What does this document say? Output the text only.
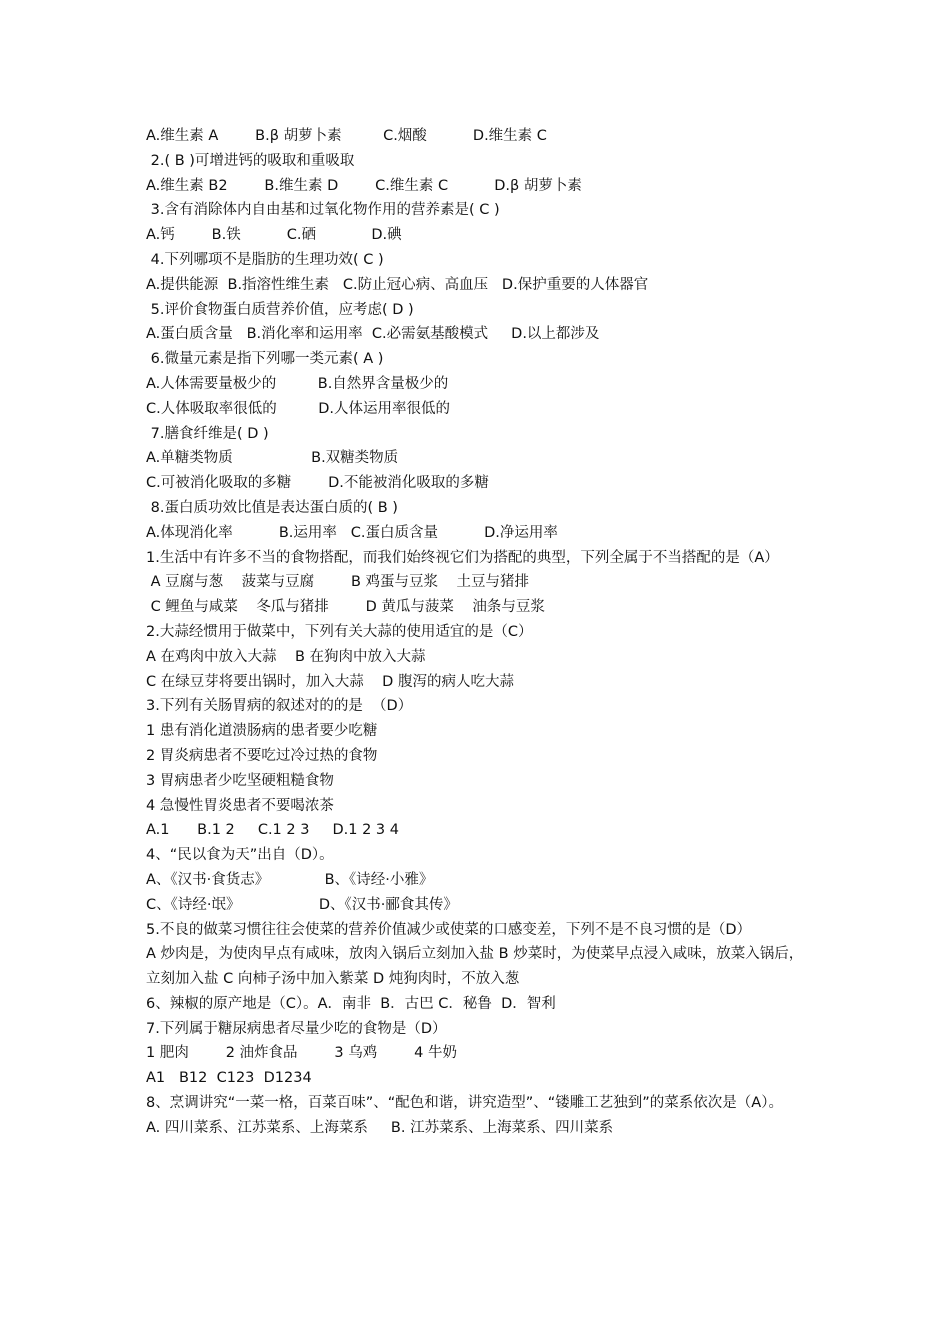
A.维生素 A        B.β 胡萝卜素         C.烟酸          D.维生素 C
2.( B )可增进钙的吸取和重吸取
A.维生素 B2        B.维生素 D        C.维生素 C          D.β 胡萝卜素
3.含有消除体内自由基和过氧化物作用的营养素是( C )
A.钙        B.铁          C.硒            D.碘
4.下列哪项不是脂肪的生理功效( C )
A.提供能源  B.指溶性维生素   C.防止冠心病、高血压   D.保护重要的人体器官
5.评价食物蛋白质营养价值，应考虑( D )
A.蛋白质含量   B.消化率和运用率  C.必需氨基酸模式     D.以上都涉及
6.微量元素是指下列哪一类元素( A )
A.人体需要量极少的         B.自然界含量极少的
C.人体吸取率很低的         D.人体运用率很低的
7.膳食纤维是( D )
A.单糖类物质                 B.双糖类物质
C.可被消化吸取的多糖        D.不能被消化吸取的多糖
8.蛋白质功效比值是表达蛋白质的( B )
A.体现消化率          B.运用率   C.蛋白质含量          D.净运用率
1.生活中有许多不当的食物搭配，而我们始终视它们为搭配的典型，下列全属于不当搭配的是（A）
A 豆腐与葱    菠菜与豆腐        B 鸡蛋与豆浆    土豆与猪排
C 鲤鱼与咸菜    冬瓜与猪排        D 黄瓜与菠菜    油条与豆浆
2.大蒜经惯用于做菜中，下列有关大蒜的使用适宜的是（C）
A 在鸡肉中放入大蒜    B 在狗肉中放入大蒜
C 在绿豆芽将要出锅时，加入大蒜    D 腹泻的病人吃大蒜
3.下列有关肠胃病的叙述对的的是  （D）
1 患有消化道溃肠病的患者要少吃糖
2 胃炎病患者不要吃过冷过热的食物
3 胃病患者少吃坚硬粗糙食物
4 急慢性胃炎患者不要喝浓茶
A.1      B.1 2     C.1 2 3     D.1 2 3 4
4、“民以食为天”出自（D）。
A、《汉书·食货志》            B、《诗经·小雅》
C、《诗经·氓》                 D、《汉书·郦食其传》
5.不良的做菜习惯往往会使菜的营养价值减少或使菜的口感变差，下列不是不良习惯的是（D）
A 炒肉是，为使肉早点有咸味，放肉入锅后立刻加入盐 B 炒菜时，为使菜早点浸入咸味，放菜入锅后，立刻加入盐 C 向柿子汤中加入紫菜 D 炖狗肉时，不放入葱
6、辣椒的原产地是（C）。A．南非  B．古巴 C．秘鲁  D．智利
7.下列属于糖尿病患者尽量少吃的食物是（D）
1 肥肉        2 油炸食品        3 乌鸡        4 牛奶
A1   B12  C123  D1234
8、烹调讲究“一菜一格，百菜百味”、“配色和谐，讲究造型”、“镂雕工艺独到”的菜系依次是（A）。
A. 四川菜系、江苏菜系、上海菜系     B. 江苏菜系、上海菜系、四川菜系
